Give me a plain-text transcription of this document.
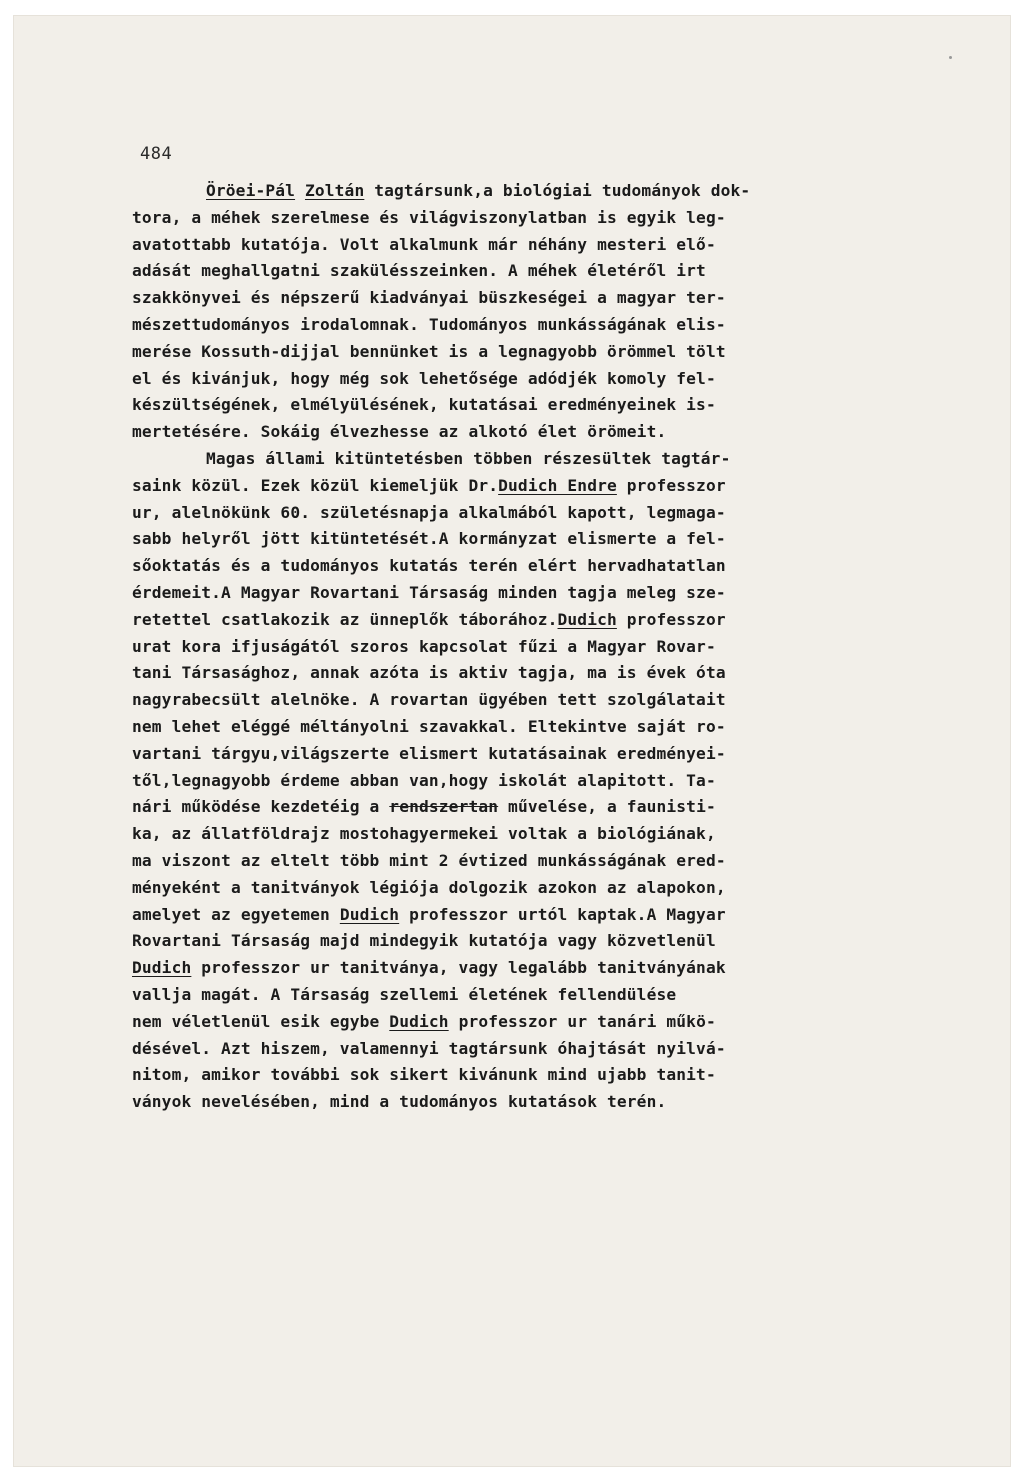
484
Öröei-Pál Zoltán tagtársunk,a biológiai tudományok dok-
tora, a méhek szerelmese és világviszonylatban is egyik leg-
avatottabb kutatója. Volt alkalmunk már néhány mesteri elő-
adását meghallgatni szakülésszeinken. A méhek életéről irt
szakkönyvei és népszerű kiadványai büszkeségei a magyar ter-
mészettudományos irodalomnak. Tudományos munkásságának elis-
merése Kossuth-dijjal bennünket is a legnagyobb örömmel tölt
el és kivánjuk, hogy még sok lehetősége adódjék komoly fel-
készültségének, elmélyülésének, kutatásai eredményeinek is-
mertetésére. Sokáig élvezhesse az alkotó élet örömeit.
Magas állami kitüntetésben többen részesültek tagtár-
saink közül. Ezek közül kiemeljük Dr.Dudich Endre professzor
ur, alelnökünk 60. születésnapja alkalmából kapott, legmaga-
sabb helyről jött kitüntetését.A kormányzat elismerte a fel-
sőoktatás és a tudományos kutatás terén elért hervadhatatlan
érdemeit.A Magyar Rovartani Társaság minden tagja meleg sze-
retettel csatlakozik az ünneplők táborához.Dudich professzor
urat kora ifjuságától szoros kapcsolat fűzi a Magyar Rovar-
tani Társasághoz, annak azóta is aktiv tagja, ma is évek óta
nagyrabecsült alelnöke. A rovartan ügyében tett szolgálatait
nem lehet eléggé méltányolni szavakkal. Eltekintve saját ro-
vartani tárgyu,világszerte elismert kutatásainak eredményei-
től,legnagyobb érdeme abban van,hogy iskolát alapitott. Ta-
nári működése kezdetéig a rendszertan művelése, a faunisti-
ka, az állatföldrajz mostohagyermekei voltak a biológiának,
ma viszont az eltelt több mint 2 évtized munkásságának ered-
ményeként a tanitványok légiója dolgozik azokon az alapokon,
amelyet az egyetemen Dudich professzor urtól kaptak.A Magyar
Rovartani Társaság majd mindegyik kutatója vagy közvetlenül
Dudich professzor ur tanitványa, vagy legalább tanitványának
vallja magát. A Társaság szellemi életének fellendülése
nem véletlenül esik egybe Dudich professzor ur tanári műkö-
désével. Azt hiszem, valamennyi tagtársunk óhajtását nyilvá-
nitom, amikor további sok sikert kivánunk mind ujabb tanit-
ványok nevelésében, mind a tudományos kutatások terén.
